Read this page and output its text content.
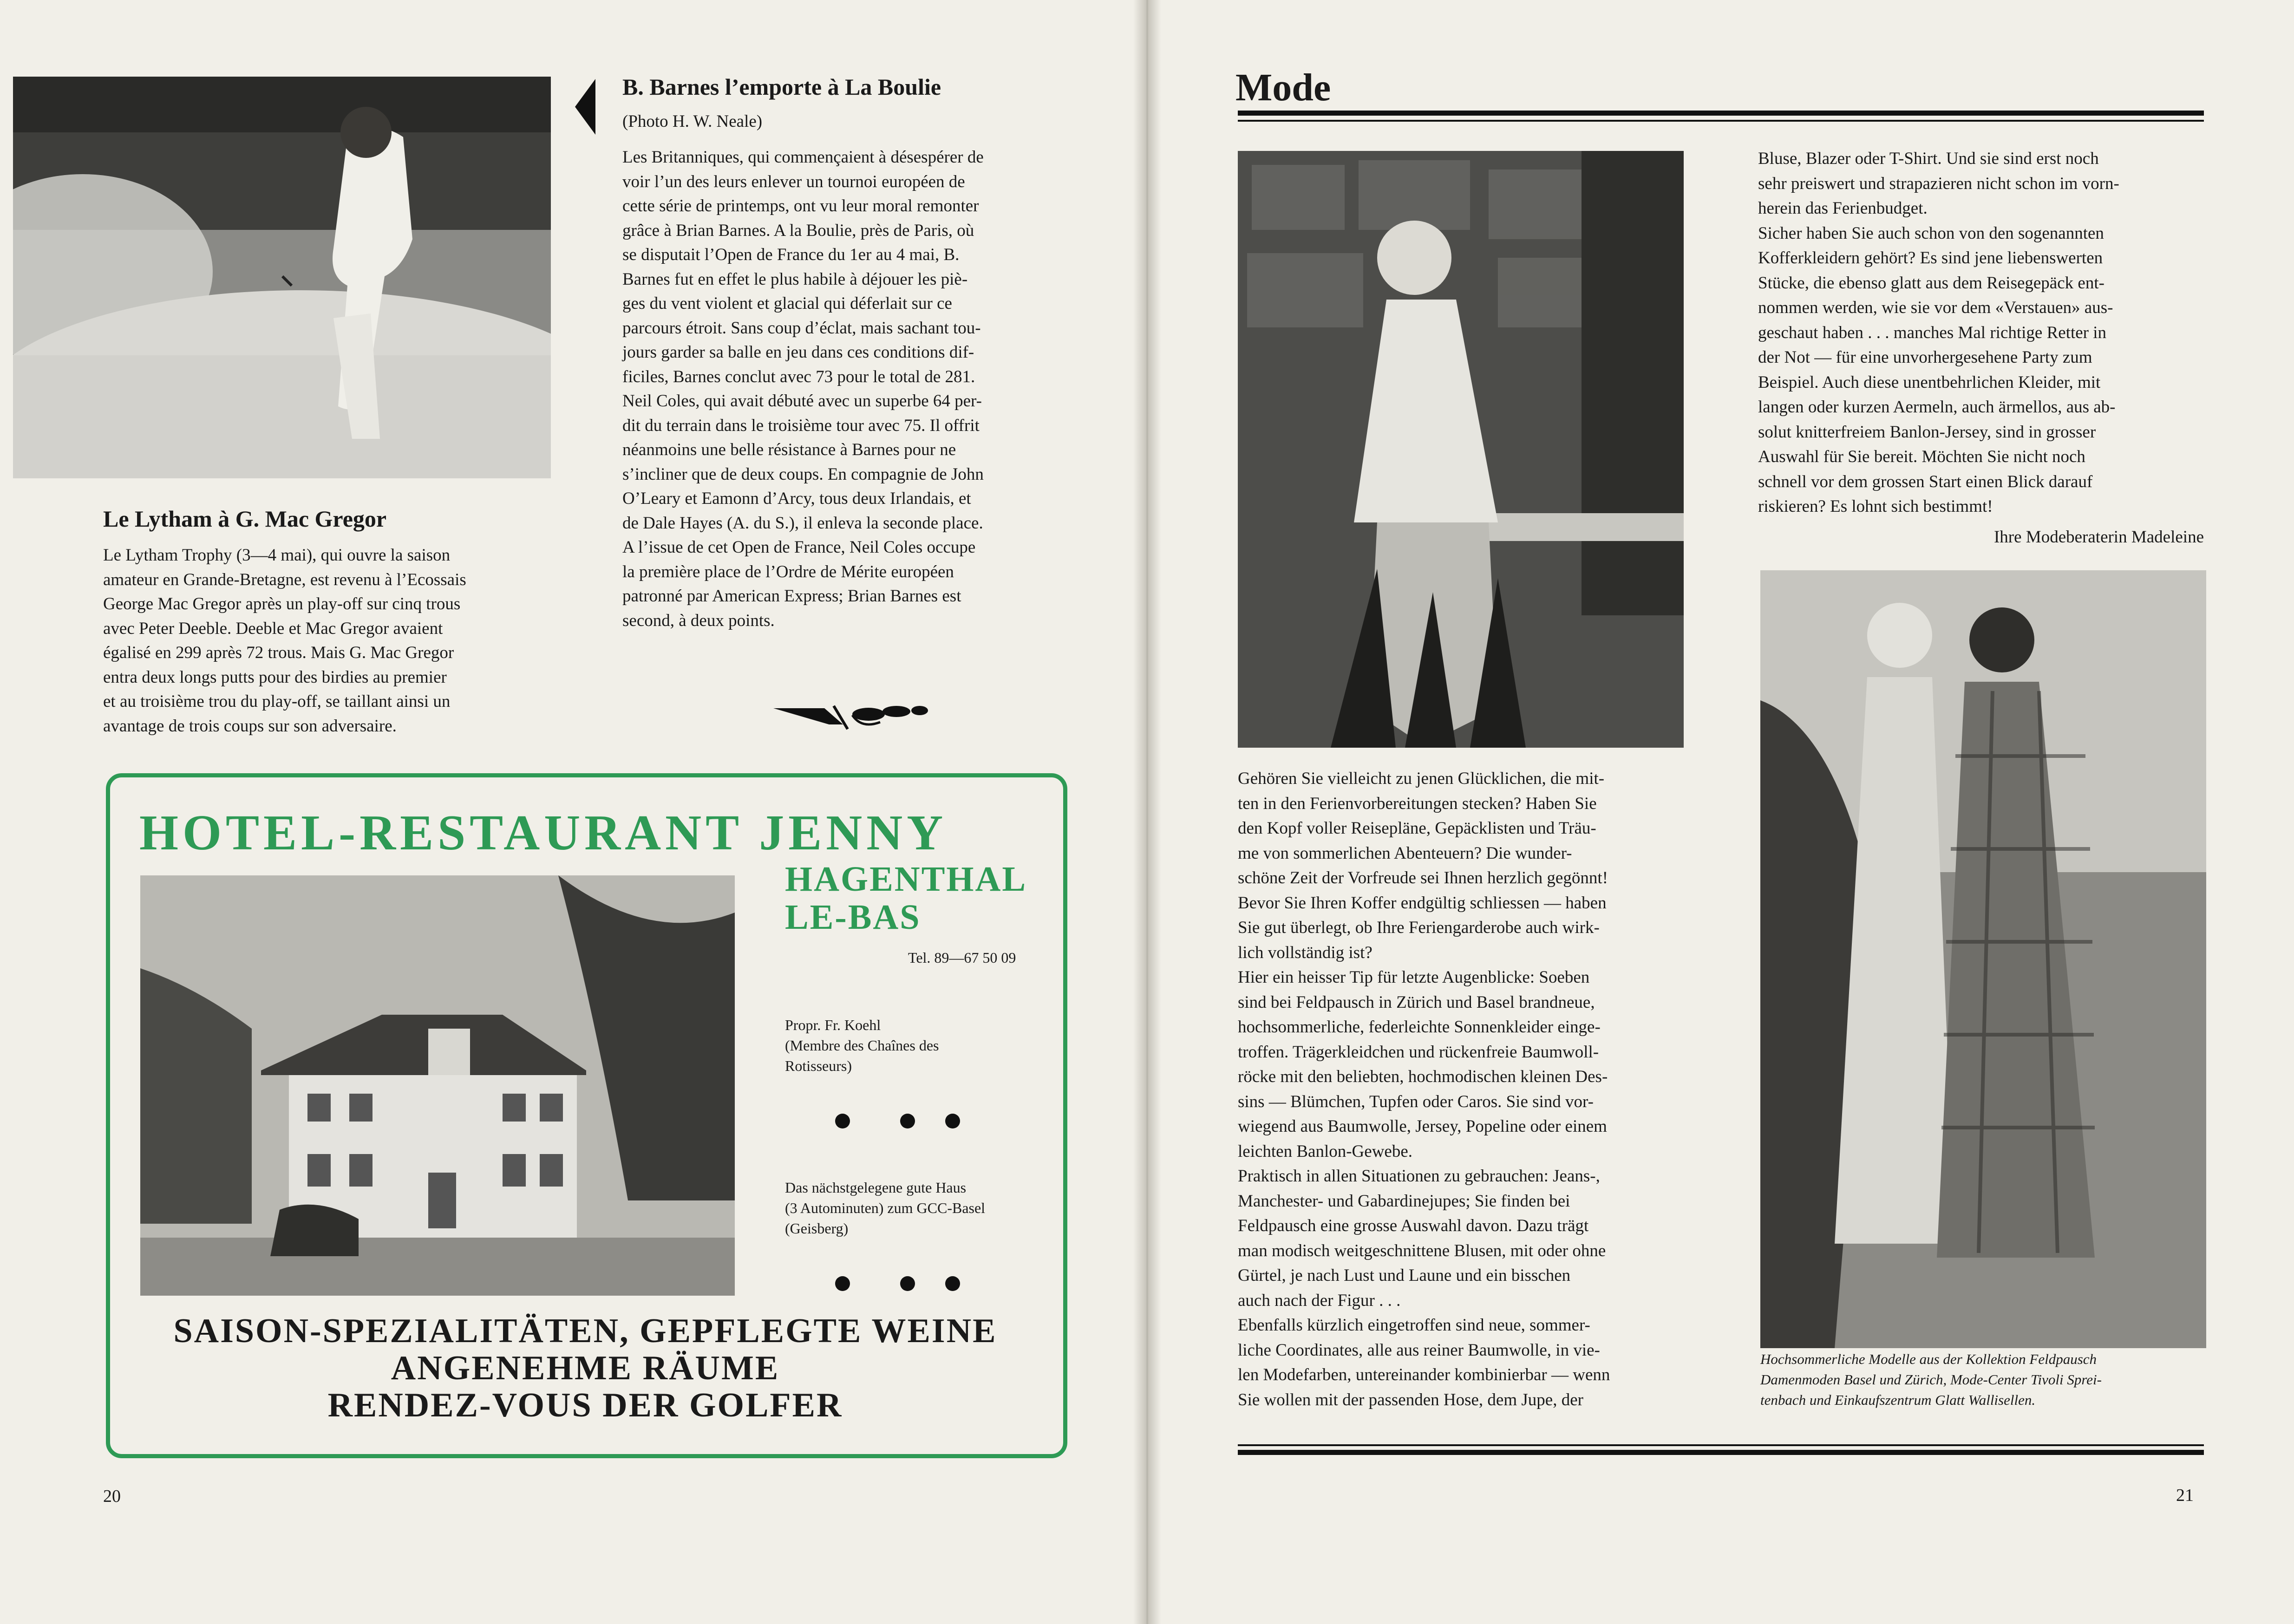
B. Barnes l’emporte à La Boulie
(Photo H. W. Neale)
Les Britanniques, qui commençaient à désespérer de
voir l’un des leurs enlever un tournoi européen de
cette série de printemps, ont vu leur moral remonter
grâce à Brian Barnes. A la Boulie, près de Paris, où
se disputait l’Open de France du 1er au 4 mai, B.
Barnes fut en effet le plus habile à déjouer les piè-
ges du vent violent et glacial qui déferlait sur ce
parcours étroit. Sans coup d’éclat, mais sachant tou-
jours garder sa balle en jeu dans ces conditions dif-
ficiles, Barnes conclut avec 73 pour le total de 281.
Neil Coles, qui avait débuté avec un superbe 64 per-
dit du terrain dans le troisième tour avec 75. Il offrit
néanmoins une belle résistance à Barnes pour ne
s’incliner que de deux coups. En compagnie de John
O’Leary et Eamonn d’Arcy, tous deux Irlandais, et
de Dale Hayes (A. du S.), il enleva la seconde place.
A l’issue de cet Open de France, Neil Coles occupe
la première place de l’Ordre de Mérite européen
patronné par American Express; Brian Barnes est
second, à deux points.
Le Lytham à G. Mac Gregor
Le Lytham Trophy (3—4 mai), qui ouvre la saison
amateur en Grande-Bretagne, est revenu à l’Ecossais
George Mac Gregor après un play-off sur cinq trous
avec Peter Deeble. Deeble et Mac Gregor avaient
égalisé en 299 après 72 trous. Mais G. Mac Gregor
entra deux longs putts pour des birdies au premier
et au troisième trou du play-off, se taillant ainsi un
avantage de trois coups sur son adversaire.
HOTEL-RESTAURANT JENNY
HAGENTHAL
LE-BAS
Tel. 89—67 50 09
Propr. Fr. Koehl
(Membre des Chaînes des
Rotisseurs)
Das nächstgelegene gute Haus
(3 Autominuten) zum GCC-Basel
(Geisberg)
SAISON-SPEZIALITÄTEN, GEPFLEGTE WEINE
ANGENEHME RÄUME
RENDEZ-VOUS DER GOLFER
20
Mode
Gehören Sie vielleicht zu jenen Glücklichen, die mit-
ten in den Ferienvorbereitungen stecken? Haben Sie
den Kopf voller Reisepläne, Gepäcklisten und Träu-
me von sommerlichen Abenteuern? Die wunder-
schöne Zeit der Vorfreude sei Ihnen herzlich gegönnt!
Bevor Sie Ihren Koffer endgültig schliessen — haben
Sie gut überlegt, ob Ihre Feriengarderobe auch wirk-
lich vollständig ist?
Hier ein heisser Tip für letzte Augenblicke: Soeben
sind bei Feldpausch in Zürich und Basel brandneue,
hochsommerliche, federleichte Sonnenkleider einge-
troffen. Trägerkleidchen und rückenfreie Baumwoll-
röcke mit den beliebten, hochmodischen kleinen Des-
sins — Blümchen, Tupfen oder Caros. Sie sind vor-
wiegend aus Baumwolle, Jersey, Popeline oder einem
leichten Banlon-Gewebe.
Praktisch in allen Situationen zu gebrauchen: Jeans-,
Manchester- und Gabardinejupes; Sie finden bei
Feldpausch eine grosse Auswahl davon. Dazu trägt
man modisch weitgeschnittene Blusen, mit oder ohne
Gürtel, je nach Lust und Laune und ein bisschen
auch nach der Figur . . .
Ebenfalls kürzlich eingetroffen sind neue, sommer-
liche Coordinates, alle aus reiner Baumwolle, in vie-
len Modefarben, untereinander kombinierbar — wenn
Sie wollen mit der passenden Hose, dem Jupe, der
Bluse, Blazer oder T-Shirt. Und sie sind erst noch
sehr preiswert und strapazieren nicht schon im vorn-
herein das Ferienbudget.
Sicher haben Sie auch schon von den sogenannten
Kofferkleidern gehört? Es sind jene liebenswerten
Stücke, die ebenso glatt aus dem Reisegepäck ent-
nommen werden, wie sie vor dem «Verstauen» aus-
geschaut haben . . . manches Mal richtige Retter in
der Not — für eine unvorhergesehene Party zum
Beispiel. Auch diese unentbehrlichen Kleider, mit
langen oder kurzen Aermeln, auch ärmellos, aus ab-
solut knitterfreiem Banlon-Jersey, sind in grosser
Auswahl für Sie bereit. Möchten Sie nicht noch
schnell vor dem grossen Start einen Blick darauf
riskieren? Es lohnt sich bestimmt!
Ihre Modeberaterin Madeleine
Hochsommerliche Modelle aus der Kollektion Feldpausch
Damenmoden Basel und Zürich, Mode-Center Tivoli Sprei-
tenbach und Einkaufszentrum Glatt Wallisellen.
21
